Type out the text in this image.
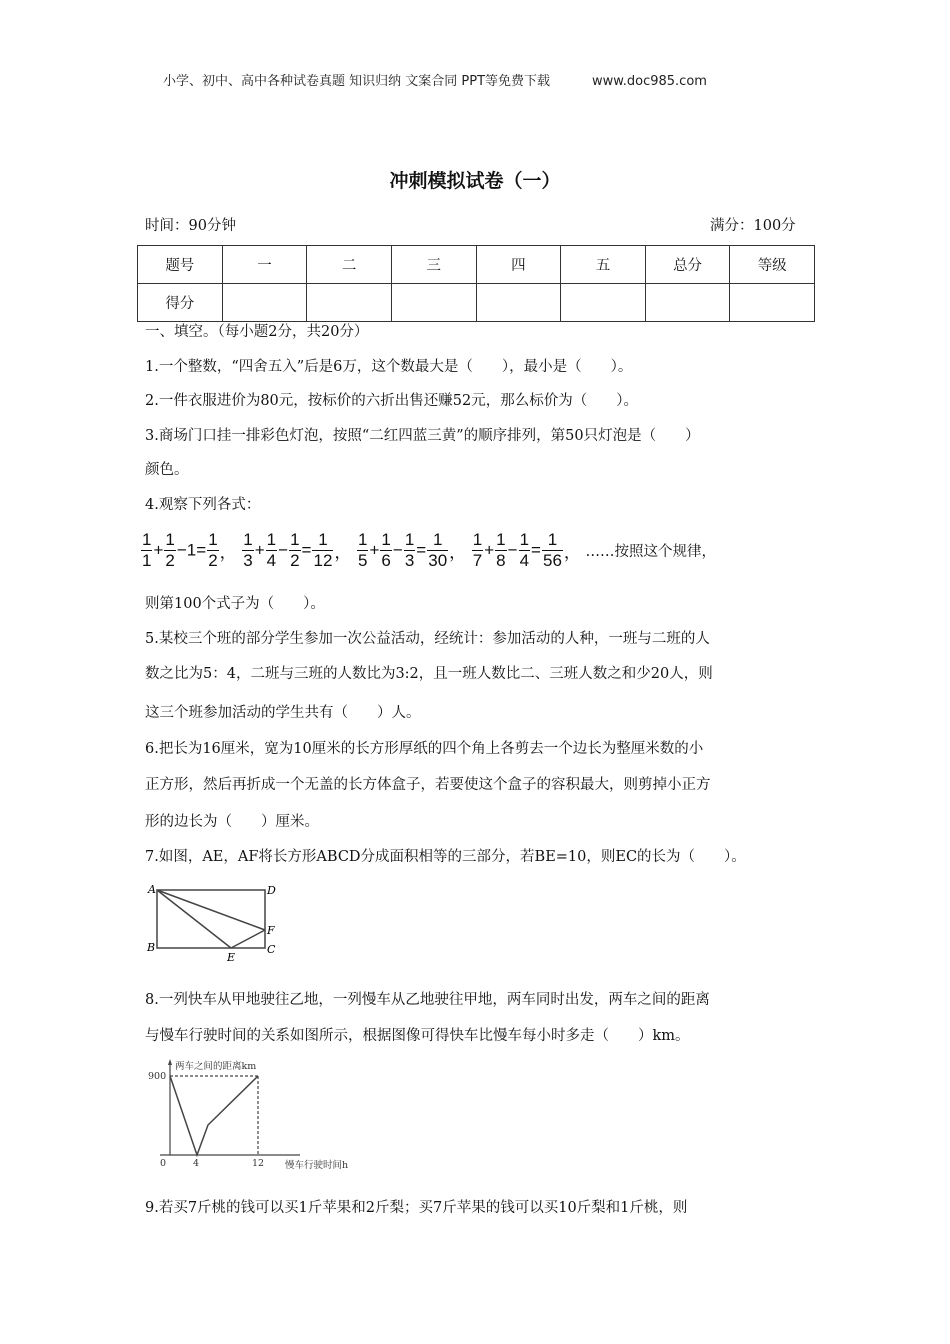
小学、初中、高中各种试卷真题 知识归纳 文案合同 PPT等免费下载	www.doc985.com
冲刺模拟试卷（一）
时间：90分钟	满分：100分
题号	一	二	三	四	五	总分	等级
得分							
一、填空。（每小题2分，共20分）
1.一个整数，“四舍五入”后是6万，这个数最大是（　　），最小是（　　）。
2.一件衣服进价为80元，按标价的六折出售还赚52元，那么标价为（　　）。
3.商场门口挂一排彩色灯泡，按照“二红四蓝三黄”的顺序排列，第50只灯泡是（　　）
颜色。
4.观察下列各式：
$\frac{1}{1} + \frac{1}{2} -1= \frac{1}{2}$ ， $\frac{1}{3} + \frac{1}{4} - \frac{1}{2} = \frac{1}{12}$ ， $\frac{1}{5} + \frac{1}{6} - \frac{1}{3} = \frac{1}{30}$ ， $\frac{1}{7} + \frac{1}{8} - \frac{1}{4} = \frac{1}{56}$ ， ……按照这个规律，
则第100个式子为（　　）。
5.某校三个班的部分学生参加一次公益活动，经统计：参加活动的人种，一班与二班的人
数之比为5：4，二班与三班的人数比为3:2，且一班人数比二、三班人数之和少20人，则
这三个班参加活动的学生共有（　　）人。
6.把长为16厘米，宽为10厘米的长方形厚纸的四个角上各剪去一个边长为整厘米数的小
正方形，然后再折成一个无盖的长方体盒子，若要使这个盒子的容积最大，则剪掉小正方
形的边长为（　　）厘米。
7.如图，AE，AF将长方形ABCD分成面积相等的三部分，若BE=10，则EC的长为（　　）。
A	D
F
B	C
E
8.一列快车从甲地驶往乙地，一列慢车从乙地驶往甲地，两车同时出发，两车之间的距离
与慢车行驶时间的关系如图所示，根据图像可得快车比慢车每小时多走（　　）km。
两车之间的距离km
900
0	4	12 慢车行驶时间h
9.若买7斤桃的钱可以买1斤苹果和2斤梨；买7斤苹果的钱可以买10斤梨和1斤桃，则
